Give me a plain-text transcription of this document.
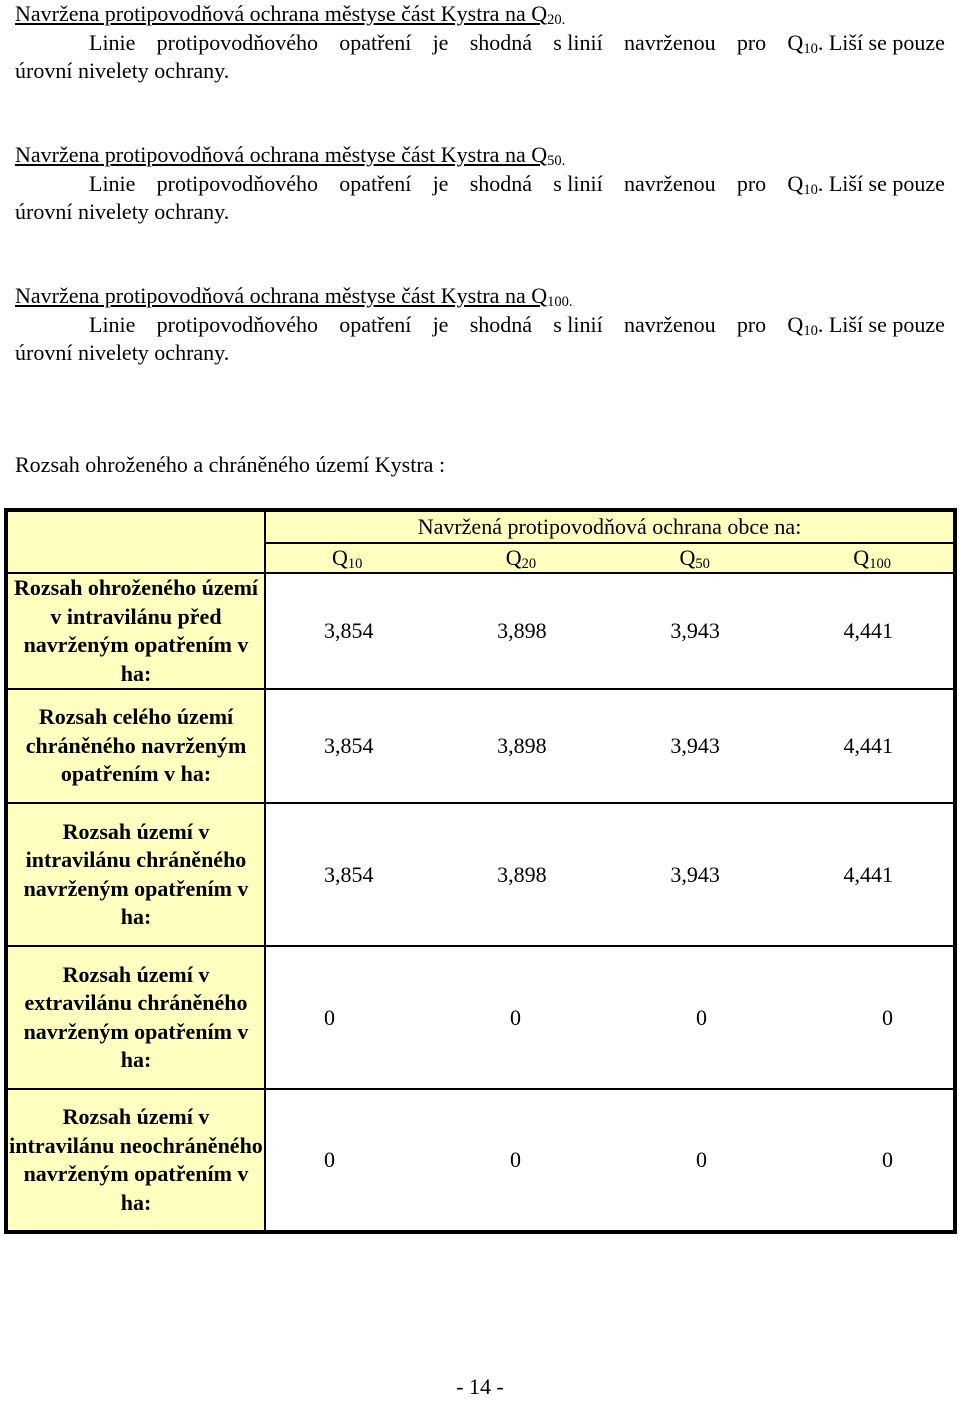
Navržena protipovodňová ochrana městyse část Kystra na $Q_{20.}$
Linie protipovodňového opatření je shodná s linií navrženou pro $Q_{10}$. Liší se pouze
úrovní nivelety ochrany.
Navržena protipovodňová ochrana městyse část Kystra na $Q_{50.}$
Linie protipovodňového opatření je shodná s linií navrženou pro $Q_{10}$. Liší se pouze
úrovní nivelety ochrany.
Navržena protipovodňová ochrana městyse část Kystra na $Q_{100.}$
Linie protipovodňového opatření je shodná s linií navrženou pro $Q_{10}$. Liší se pouze
úrovní nivelety ochrany.
Rozsah ohroženého a chráněného území Kystra :
	Navržená protipovodňová ochrana obce na:

	$Q_{10}$ $Q_{20}$ $Q_{50}$ $Q_{100}$

Rozsah ohroženého území v intravilánu před navrženým opatřením v ha:	3,854 3,898 3,943 4,441

Rozsah celého území chráněného navrženým opatřením v ha:	3,854 3,898 3,943 4,441

Rozsah území v intravilánu chráněného navrženým opatřením v ha:	3,854 3,898 3,943 4,441

Rozsah území v extravilánu chráněného navrženým opatřením v ha:	0 0 0 0

Rozsah území v intravilánu neochráněného navrženým opatřením v ha:	0 0 0 0
- 14 -
